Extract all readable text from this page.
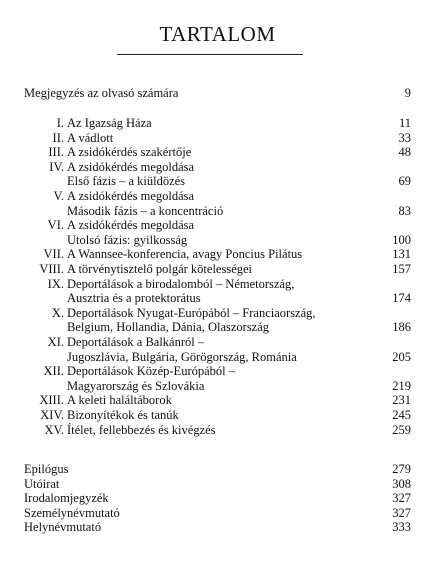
TARTALOM
Megjegyzés az olvasó számára	9
I. Az Igazság Háza	11
II. A vádlott	33
III. A zsidókérdés szakértője	48
IV. A zsidókérdés megoldása
Első fázis – a kiüldözés	69
V. A zsidókérdés megoldása
Második fázis – a koncentráció	83
VI. A zsidókérdés megoldása
Utolsó fázis: gyilkosság	100
VII. A Wannsee-konferencia, avagy Poncius Pilátus	131
VIII. A törvénytisztelő polgár kötelességei	157
IX. Deportálások a birodalomból – Németország,
Ausztria és a protektorátus	174
X. Deportálások Nyugat-Európából – Franciaország,
Belgium, Hollandia, Dánia, Olaszország	186
XI. Deportálások a Balkánról –
Jugoszlávia, Bulgária, Görögország, Románia	205
XII. Deportálások Közép-Európából –
Magyarország és Szlovákia	219
XIII. A keleti haláltáborok	231
XIV. Bizonyítékok és tanúk	245
XV. Ítélet, fellebbezés és kivégzés	259
Epilógus	279
Utóirat	308
Irodalomjegyzék	327
Személynévmutató	327
Helynévmutató	333
